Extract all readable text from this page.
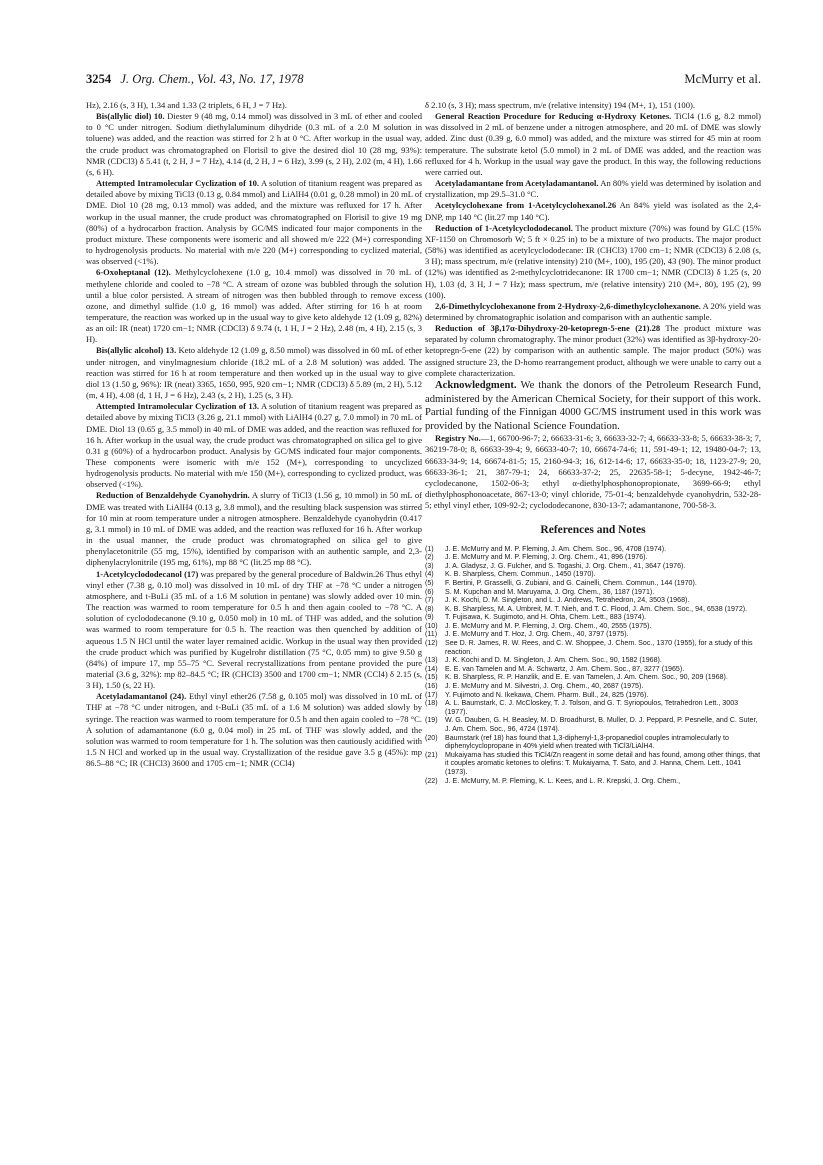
3254 J. Org. Chem., Vol. 43, No. 17, 1978	McMurry et al.

Hz), 2.16 (s, 3 H), 1.34 and 1.33 (2 triplets, 6 H, J = 7 Hz).

Bis(allylic diol) 10. Diester 9 (48 mg, 0.14 mmol) was dissolved in 3 mL of ether and cooled to 0 °C under nitrogen. Sodium diethylaluminum dihydride (0.3 mL of a 2.0 M solution in toluene) was added, and the reaction was stirred for 2 h at 0 °C. After workup in the usual way, the crude product was chromatographed on Florisil to give the desired diol 10 (28 mg, 93%): NMR (CDCl3) δ 5.41 (t, 2 H, J = 7 Hz), 4.14 (d, 2 H, J = 6 Hz), 3.99 (s, 2 H), 2.02 (m, 4 H), 1.66 (s, 6 H).

Attempted Intramolecular Cyclization of 10. A solution of titanium reagent was prepared as detailed above by mixing TiCl3 (0.13 g, 0.84 mmol) and LiAlH4 (0.01 g, 0.28 mmol) in 20 mL of DME. Diol 10 (28 mg, 0.13 mmol) was added, and the mixture was refluxed for 17 h. After workup in the usual manner, the crude product was chromatographed on Florisil to give 19 mg (80%) of a hydrocarbon fraction. Analysis by GC/MS indicated four major components in the product mixture. These components were isomeric and all showed m/e 222 (M+) corresponding to hydrogenolysis products. No material with m/e 220 (M+) corresponding to cyclized material, was observed (<1%).

6-Oxoheptanal (12). Methylcyclohexene (1.0 g, 10.4 mmol) was dissolved in 70 mL of methylene chloride and cooled to −78 °C. A stream of ozone was bubbled through the solution until a blue color persisted. A stream of nitrogen was then bubbled through to remove excess ozone, and dimethyl sulfide (1.0 g, 16 mmol) was added. After stirring for 16 h at room temperature, the reaction was worked up in the usual way to give keto aldehyde 12 (1.09 g, 82%) as an oil: IR (neat) 1720 cm−1; NMR (CDCl3) δ 9.74 (t, 1 H, J = 2 Hz), 2.48 (m, 4 H), 2.15 (s, 3 H).

Bis(allylic alcohol) 13. Keto aldehyde 12 (1.09 g, 8.50 mmol) was dissolved in 60 mL of ether under nitrogen, and vinylmagnesium chloride (18.2 mL of a 2.8 M solution) was added. The reaction was stirred for 16 h at room temperature and then worked up in the usual way to give diol 13 (1.50 g, 96%): IR (neat) 3365, 1650, 995, 920 cm−1; NMR (CDCl3) δ 5.89 (m, 2 H), 5.12 (m, 4 H), 4.08 (d, 1 H, J = 6 Hz), 2.43 (s, 2 H), 1.25 (s, 3 H).

Attempted Intramolecular Cyclization of 13. A solution of titanium reagent was prepared as detailed above by mixing TiCl3 (3.26 g, 21.1 mmol) with LiAlH4 (0.27 g, 7.0 mmol) in 70 mL of DME. Diol 13 (0.65 g, 3.5 mmol) in 40 mL of DME was added, and the reaction was refluxed for 16 h. After workup in the usual way, the crude product was chromatographed on silica gel to give 0.31 g (60%) of a hydrocarbon product. Analysis by GC/MS indicated four major components. These components were isomeric with m/e 152 (M+), corresponding to uncyclized hydrogenolysis products. No material with m/e 150 (M+), corresponding to cyclized product, was observed (<1%).

Reduction of Benzaldehyde Cyanohydrin. A slurry of TiCl3 (1.56 g, 10 mmol) in 50 mL of DME was treated with LiAlH4 (0.13 g, 3.8 mmol), and the resulting black suspension was stirred for 10 min at room temperature under a nitrogen atmosphere. Benzaldehyde cyanohydrin (0.417 g, 3.1 mmol) in 10 mL of DME was added, and the reaction was refluxed for 16 h. After workup in the usual manner, the crude product was chromatographed on silica gel to give phenylacetonitrile (55 mg, 15%), identified by comparison with an authentic sample, and 2,3-diphenylacrylonitrile (195 mg, 61%), mp 88 °C (lit.25 mp 88 °C).

1-Acetylcyclododecanol (17) was prepared by the general procedure of Baldwin.26 Thus ethyl vinyl ether (7.38 g, 0.10 mol) was dissolved in 10 mL of dry THF at −78 °C under a nitrogen atmosphere, and t-BuLi (35 mL of a 1.6 M solution in pentane) was slowly added over 10 min. The reaction was warmed to room temperature for 0.5 h and then again cooled to −78 °C. A solution of cyclododecanone (9.10 g, 0.050 mol) in 10 mL of THF was added, and the solution was warmed to room temperature for 0.5 h. The reaction was then quenched by addition of aqueous 1.5 N HCl until the water layer remained acidic. Workup in the usual way then provided the crude product which was purified by Kugelrohr distillation (75 °C, 0.05 mm) to give 9.50 g (84%) of impure 17, mp 55–75 °C. Several recrystallizations from pentane provided the pure material (3.6 g, 32%): mp 82–84.5 °C; IR (CHCl3) 3500 and 1700 cm−1; NMR (CCl4) δ 2.15 (s, 3 H), 1.50 (s, 22 H).

Acetyladamantanol (24). Ethyl vinyl ether26 (7.58 g, 0.105 mol) was dissolved in 10 mL of THF at −78 °C under nitrogen, and t-BuLi (35 mL of a 1.6 M solution) was added slowly by syringe. The reaction was warmed to room temperature for 0.5 h and then again cooled to −78 °C. A solution of adamantanone (6.0 g, 0.04 mol) in 25 mL of THF was slowly added, and the solution was warmed to room temperature for 1 h. The solution was then cautiously acidified with 1.5 N HCl and worked up in the usual way. Crystallization of the residue gave 3.5 g (45%): mp 86.5–88 °C; IR (CHCl3) 3600 and 1705 cm−1; NMR (CCl4)

δ 2.10 (s, 3 H); mass spectrum, m/e (relative intensity) 194 (M+, 1), 151 (100).

General Reaction Procedure for Reducing α-Hydroxy Ketones. TiCl4 (1.6 g, 8.2 mmol) was dissolved in 2 mL of benzene under a nitrogen atmosphere, and 20 mL of DME was slowly added. Zinc dust (0.39 g, 6.0 mmol) was added, and the mixture was stirred for 45 min at room temperature. The substrate ketol (5.0 mmol) in 2 mL of DME was added, and the reaction was refluxed for 4 h. Workup in the usual way gave the product. In this way, the following reductions were carried out.

Acetyladamantane from Acetyladamantanol. An 80% yield was determined by isolation and crystallization, mp 29.5–31.0 °C.

Acetylcyclohexane from 1-Acetylcyclohexanol.26 An 84% yield was isolated as the 2,4-DNP, mp 140 °C (lit.27 mp 140 °C).

Reduction of 1-Acetylcyclododecanol. The product mixture (70%) was found by GLC (15% XF-1150 on Chromosorb W; 5 ft × 0.25 in) to be a mixture of two products. The major product (58%) was identified as acetylcyclododecane: IR (CHCl3) 1700 cm−1; NMR (CDCl3) δ 2.08 (s, 3 H); mass spectrum, m/e (relative intensity) 210 (M+, 100), 195 (20), 43 (90). The minor product (12%) was identified as 2-methylcyclotridecanone: IR 1700 cm−1; NMR (CDCl3) δ 1.25 (s, 20 H), 1.03 (d, 3 H, J = 7 Hz); mass spectrum, m/e (relative intensity) 210 (M+, 80), 195 (2), 99 (100).

2,6-Dimethylcyclohexanone from 2-Hydroxy-2,6-dimethylcyclohexanone. A 20% yield was determined by chromatographic isolation and comparison with an authentic sample.

Reduction of 3β,17α-Dihydroxy-20-ketopregn-5-ene (21).28 The product mixture was separated by column chromatography. The minor product (32%) was identified as 3β-hydroxy-20-ketopregn-5-ene (22) by comparison with an authentic sample. The major product (50%) was assigned structure 23, the D-homo rearrangement product, although we were unable to carry out a complete characterization.

Acknowledgment. We thank the donors of the Petroleum Research Fund, administered by the American Chemical Society, for their support of this work. Partial funding of the Finnigan 4000 GC/MS instrument used in this work was provided by the National Science Foundation.

Registry No.—1, 66700-96-7; 2, 66633-31-6; 3, 66633-32-7; 4, 66633-33-8; 5, 66633-38-3; 7, 36219-78-0; 8, 66633-39-4; 9, 66633-40-7; 10, 66674-74-6; 11, 591-49-1; 12, 19480-04-7; 13, 66633-34-9; 14, 66674-81-5; 15, 2160-94-3; 16, 612-14-6; 17, 66633-35-0; 18, 1123-27-9; 20, 66633-36-1; 21, 387-79-1; 24, 66633-37-2; 25, 22635-58-1; 5-decyne, 1942-46-7; cyclodecanone, 1502-06-3; ethyl α-diethylphosphonopropionate, 3699-66-9; ethyl diethylphosphonoacetate, 867-13-0; vinyl chloride, 75-01-4; benzaldehyde cyanohydrin, 532-28-5; ethyl vinyl ether, 109-92-2; cyclododecanone, 830-13-7; adamantanone, 700-58-3.

References and Notes
(1)	J. E. McMurry and M. P. Fleming, J. Am. Chem. Soc., 96, 4708 (1974).
(2)	J. E. McMurry and M. P. Fleming, J. Org. Chem., 41, 896 (1976).
(3)	J. A. Gladysz, J. G. Fulcher, and S. Togashi, J. Org. Chem., 41, 3647 (1976).
(4)	K. B. Sharpless, Chem. Commun., 1450 (1970).
(5)	F. Bertini, P. Grasselli, G. Zubiani, and G. Cainelli, Chem. Commun., 144 (1970).
(6)	S. M. Kupchan and M. Maruyama, J. Org. Chem., 36, 1187 (1971).
(7)	J. K. Kochi, D. M. Singleton, and L. J. Andrews, Tetrahedron, 24, 3503 (1968).
(8)	K. B. Sharpless, M. A. Umbreit, M. T. Nieh, and T. C. Flood, J. Am. Chem. Soc., 94, 6538 (1972).
(9)	T. Fujisawa, K. Sugimoto, and H. Ohta, Chem. Lett., 883 (1974).
(10)	J. E. McMurry and M. P. Fleming, J. Org. Chem., 40, 2555 (1975).
(11)	J. E. McMurry and T. Hoz, J. Org. Chem., 40, 3797 (1975).
(12)	See D. R. James, R. W. Rees, and C. W. Shoppee, J. Chem. Soc., 1370 (1955), for a study of this reaction.
(13)	J. K. Kochi and D. M. Singleton, J. Am. Chem. Soc., 90, 1582 (1968).
(14)	E. E. van Tamelen and M. A. Schwartz, J. Am. Chem. Soc., 87, 3277 (1965).
(15)	K. B. Sharpless, R. P. Hanzlik, and E. E. van Tamelen, J. Am. Chem. Soc., 90, 209 (1968).
(16)	J. E. McMurry and M. Silvestri, J. Org. Chem., 40, 2687 (1975).
(17)	Y. Fujimoto and N. Ikekawa, Chem. Pharm. Bull., 24, 825 (1976).
(18)	A. L. Baumstark, C. J. McCloskey, T. J. Tolson, and G. T. Syriopoulos, Tetrahedron Lett., 3003 (1977).
(19)	W. G. Dauben, G. H. Beasley, M. D. Broadhurst, B. Muller, D. J. Peppard, P. Pesnelle, and C. Suter, J. Am. Chem. Soc., 96, 4724 (1974).
(20)	Baumstark (ref 18) has found that 1,3-diphenyl-1,3-propanediol couples intramolecularly to diphenylcyclopropane in 40% yield when treated with TiCl3/LiAlH4.
(21)	Mukaiyama has studied this TiCl4/Zn reagent in some detail and has found, among other things, that it couples aromatic ketones to olefins: T. Mukaiyama, T. Sato, and J. Hanna, Chem. Lett., 1041 (1973).
(22)	J. E. McMurry, M. P. Fleming, K. L. Kees, and L. R. Krepski, J. Org. Chem.,
